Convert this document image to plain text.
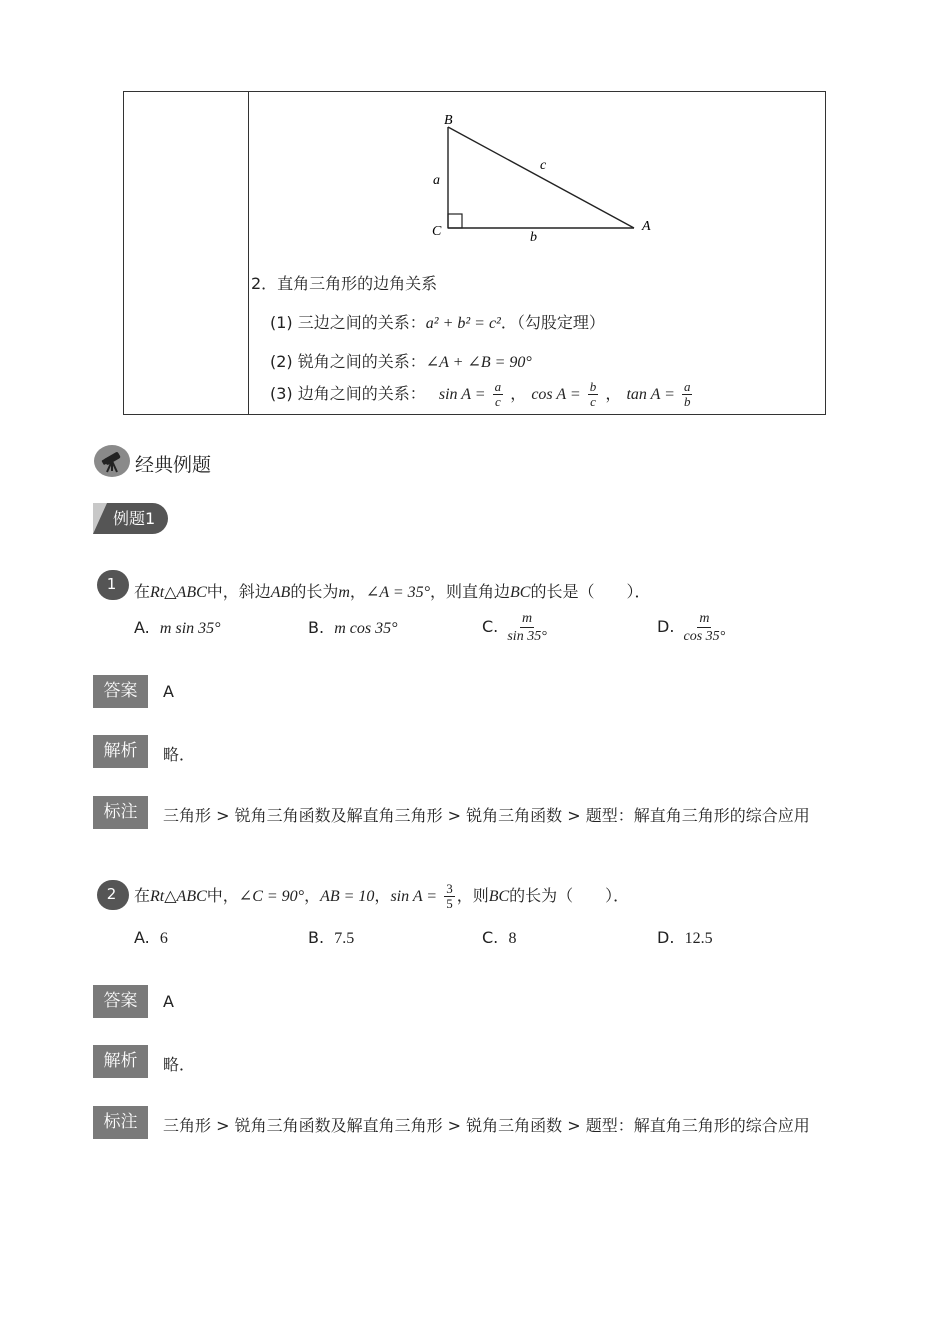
B
C	A
a
b
c
2．直角三角形的边角关系
(1) 三边之间的关系：a² + b² = c²．（勾股定理）
(2) 锐角之间的关系：∠A + ∠B = 90°
(3) 边角之间的关系： $\sin A = \frac{a}{c}$ ， $\cos A = \frac{b}{c}$ ， $\tan A = \frac{a}{b}$
经典例题
例题1
1	在Rt△ABC中，斜边AB的长为m，∠A = 35°，则直角边BC的长是（　　）．
A. m sin 35°	B. m cos 35°	C. $\frac{m}{\sin 35^\circ}$	D. $\frac{m}{\cos 35^\circ}$
答案	A
解析	略．
标注	三角形 > 锐角三角函数及解直角三角形 > 锐角三角函数 > 题型：解直角三角形的综合应用
2	在Rt△ABC中，∠C = 90°，AB = 10，$\sin A = \frac{3}{5}$ ，则BC的长为（　　）．
A. 6	B. 7.5	C. 8	D. 12.5
答案	A
解析	略．
标注	三角形 > 锐角三角函数及解直角三角形 > 锐角三角函数 > 题型：解直角三角形的综合应用
